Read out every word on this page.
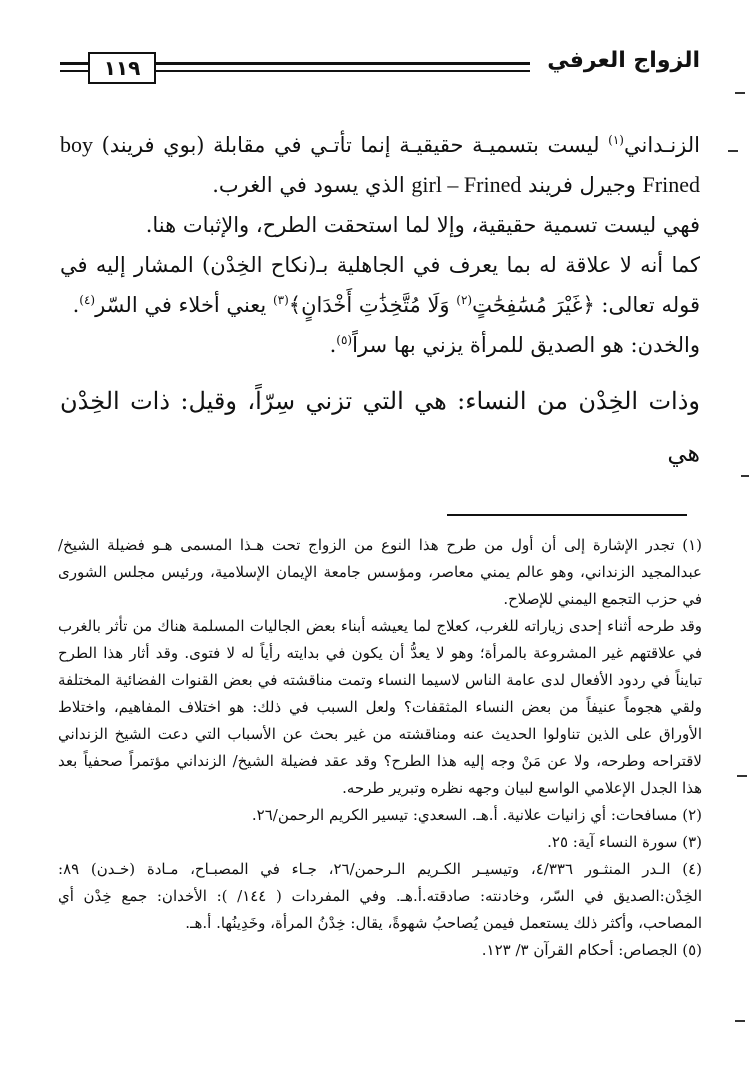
١١٩	الزواج العرفي

الزنـداني$^{(١)}$ ليست بتسميـة حقيقيـة إنما تأتـي في مقابلة (بوي فريند) boy Frined وجيرل فريند girl – Frined الذي يسود في الغرب.

فهي ليست تسمية حقيقية، وإلا لما استحقت الطرح، والإثبات هنا.

كما أنه لا علاقة له بما يعرف في الجاهلية بـ(نكاح الخِدْن) المشار إليه في قوله تعالى: ﴿غَيْرَ مُسَٰفِحَٰتٍ$^{(٢)}$ وَلَا مُتَّخِذَٰتِ أَخْدَانٍ﴾$^{(٣)}$ يعني أخلاء في السّر$^{(٤)}$.

والخدن: هو الصديق للمرأة يزني بها سراً$^{(٥)}$.

وذات الخِدْن من النساء: هي التي تزني سِرّاً، وقيل: ذات الخِدْن هي

(١) تجدر الإشارة إلى أن أول من طرح هذا النوع من الزواج تحت هـذا المسمى هـو فضيلة الشيخ/ عبدالمجيد الزنداني، وهو عالم يمني معاصر، ومؤسس جامعة الإيمان الإسلامية، ورئيس مجلس الشورى في حزب التجمع اليمني للإصلاح.

وقد طرحه أثناء إحدى زياراته للغرب، كعلاج لما يعيشه أبناء بعض الجاليات المسلمة هناك من تأثر بالغرب في علاقتهم غير المشروعة بالمرأة؛ وهو لا يعدُّ أن يكون في بدايته رأياً له لا فتوى. وقد أثار هذا الطرح تبايناً في ردود الأفعال لدى عامة الناس لاسيما النساء وتمت مناقشته في بعض القنوات الفضائية المختلفة ولقي هجوماً عنيفاً من بعض النساء المثقفات؟ ولعل السبب في ذلك: هو اختلاف المفاهيم، واختلاط الأوراق على الذين تناولوا الحديث عنه ومناقشته من غير بحث عن الأسباب التي دعت الشيخ الزنداني لاقتراحه وطرحه، ولا عن مَنْ وجه إليه هذا الطرح؟ وقد عقد فضيلة الشيخ/ الزنداني مؤتمراً صحفياً بعد هذا الجدل الإعلامي الواسع لبيان وجهه نظره وتبرير طرحه.

(٢) مسافحات: أي زانيات علانية. أ.هـ. السعدي: تيسير الكريم الرحمن/٢٦.

(٣) سورة النساء آية: ٢٥.

(٤) الـدر المنثـور ٤/٣٣٦، وتيسيـر الكـريم الـرحمن/٢٦، جـاء في المصبـاح، مـادة (خـدن) ٨٩: الخِدْن:الصديق في السّر، وخادنته: صادقته.أ.هـ. وفي المفردات ( ١٤٤/ ): الأخدان: جمع خِدْن أي المصاحب، وأكثر ذلك يستعمل فيمن يُصاحبُ شهوةً، يقال: خِدْنُ المرأة، وخَدِينُها. أ.هـ.

(٥) الجصاص: أحكام القرآن ٣/ ١٢٣.
